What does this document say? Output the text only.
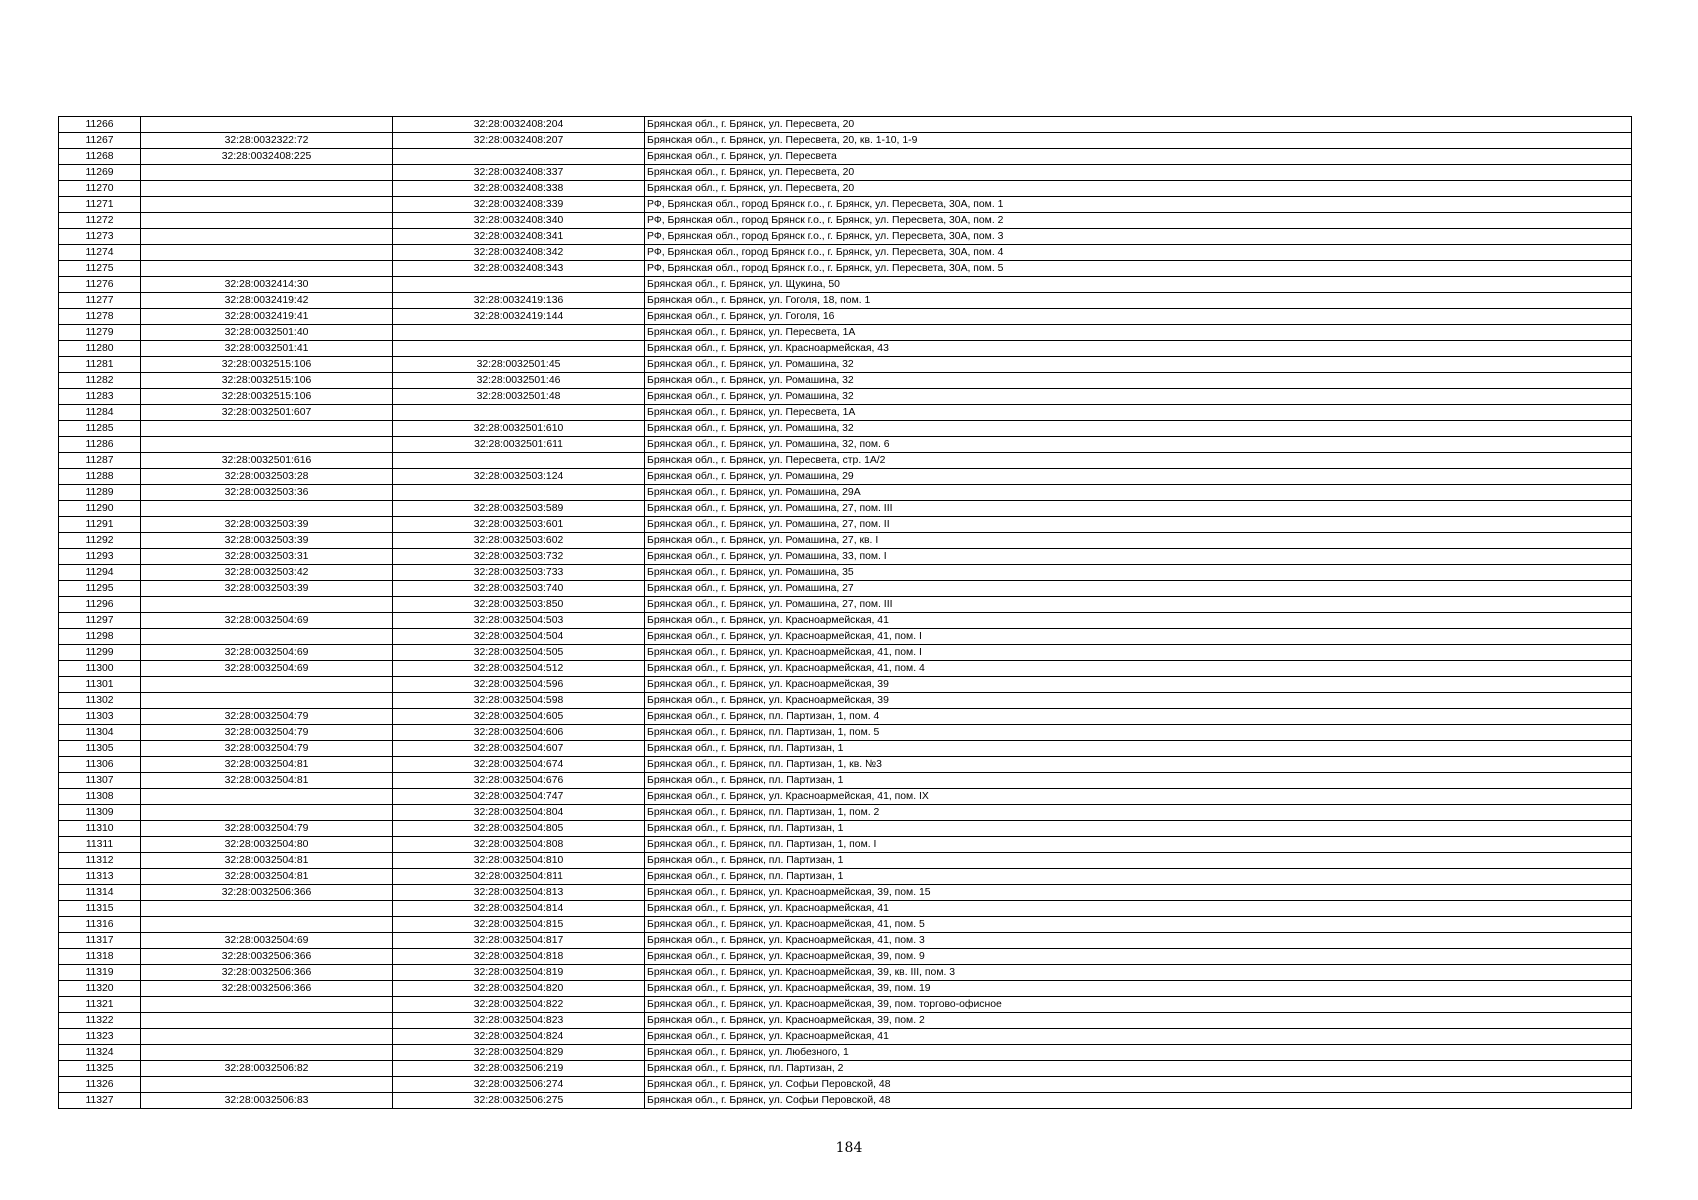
11266		32:28:0032408:204	Брянская обл., г. Брянск, ул. Пересвета, 20
11267	32:28:0032322:72	32:28:0032408:207	Брянская обл., г. Брянск, ул. Пересвета, 20, кв. 1-10, 1-9
11268	32:28:0032408:225		Брянская обл., г. Брянск, ул. Пересвета
11269		32:28:0032408:337	Брянская обл., г. Брянск, ул. Пересвета, 20
11270		32:28:0032408:338	Брянская обл., г. Брянск, ул. Пересвета, 20
11271		32:28:0032408:339	РФ, Брянская обл., город Брянск г.о., г. Брянск, ул. Пересвета, 30А, пом. 1
11272		32:28:0032408:340	РФ, Брянская обл., город Брянск г.о., г. Брянск, ул. Пересвета, 30А, пом. 2
11273		32:28:0032408:341	РФ, Брянская обл., город Брянск г.о., г. Брянск, ул. Пересвета, 30А, пом. 3
11274		32:28:0032408:342	РФ, Брянская обл., город Брянск г.о., г. Брянск, ул. Пересвета, 30А, пом. 4
11275		32:28:0032408:343	РФ, Брянская обл., город Брянск г.о., г. Брянск, ул. Пересвета, 30А, пом. 5
11276	32:28:0032414:30		Брянская обл., г. Брянск, ул. Щукина, 50
11277	32:28:0032419:42	32:28:0032419:136	Брянская обл., г. Брянск, ул. Гоголя, 18, пом. 1
11278	32:28:0032419:41	32:28:0032419:144	Брянская обл., г. Брянск, ул. Гоголя, 16
11279	32:28:0032501:40		Брянская обл., г. Брянск, ул. Пересвета, 1А
11280	32:28:0032501:41		Брянская обл., г. Брянск, ул. Красноармейская, 43
11281	32:28:0032515:106	32:28:0032501:45	Брянская обл., г. Брянск, ул. Ромашина, 32
11282	32:28:0032515:106	32:28:0032501:46	Брянская обл., г. Брянск, ул. Ромашина, 32
11283	32:28:0032515:106	32:28:0032501:48	Брянская обл., г. Брянск, ул. Ромашина, 32
11284	32:28:0032501:607		Брянская обл., г. Брянск, ул. Пересвета, 1А
11285		32:28:0032501:610	Брянская обл., г. Брянск, ул. Ромашина, 32
11286		32:28:0032501:611	Брянская обл., г. Брянск, ул. Ромашина, 32, пом. 6
11287	32:28:0032501:616		Брянская обл., г. Брянск, ул. Пересвета, стр. 1А/2
11288	32:28:0032503:28	32:28:0032503:124	Брянская обл., г. Брянск, ул. Ромашина, 29
11289	32:28:0032503:36		Брянская обл., г. Брянск, ул. Ромашина, 29А
11290		32:28:0032503:589	Брянская обл., г. Брянск, ул. Ромашина, 27, пом. III
11291	32:28:0032503:39	32:28:0032503:601	Брянская обл., г. Брянск, ул. Ромашина, 27, пом. II
11292	32:28:0032503:39	32:28:0032503:602	Брянская обл., г. Брянск, ул. Ромашина, 27, кв. I
11293	32:28:0032503:31	32:28:0032503:732	Брянская обл., г. Брянск, ул. Ромашина, 33, пом. I
11294	32:28:0032503:42	32:28:0032503:733	Брянская обл., г. Брянск, ул. Ромашина, 35
11295	32:28:0032503:39	32:28:0032503:740	Брянская обл., г. Брянск, ул. Ромашина, 27
11296		32:28:0032503:850	Брянская обл., г. Брянск, ул. Ромашина, 27, пом. III
11297	32:28:0032504:69	32:28:0032504:503	Брянская обл., г. Брянск, ул. Красноармейская, 41
11298		32:28:0032504:504	Брянская обл., г. Брянск, ул. Красноармейская, 41, пом. I
11299	32:28:0032504:69	32:28:0032504:505	Брянская обл., г. Брянск, ул. Красноармейская, 41, пом. I
11300	32:28:0032504:69	32:28:0032504:512	Брянская обл., г. Брянск, ул. Красноармейская, 41, пом. 4
11301		32:28:0032504:596	Брянская обл., г. Брянск, ул. Красноармейская, 39
11302		32:28:0032504:598	Брянская обл., г. Брянск, ул. Красноармейская, 39
11303	32:28:0032504:79	32:28:0032504:605	Брянская обл., г. Брянск, пл. Партизан, 1, пом. 4
11304	32:28:0032504:79	32:28:0032504:606	Брянская обл., г. Брянск, пл. Партизан, 1, пом. 5
11305	32:28:0032504:79	32:28:0032504:607	Брянская обл., г. Брянск, пл. Партизан, 1
11306	32:28:0032504:81	32:28:0032504:674	Брянская обл., г. Брянск, пл. Партизан, 1, кв. №3
11307	32:28:0032504:81	32:28:0032504:676	Брянская обл., г. Брянск, пл. Партизан, 1
11308		32:28:0032504:747	Брянская обл., г. Брянск, ул. Красноармейская, 41, пом. IX
11309		32:28:0032504:804	Брянская обл., г. Брянск, пл. Партизан, 1, пом. 2
11310	32:28:0032504:79	32:28:0032504:805	Брянская обл., г. Брянск, пл. Партизан, 1
11311	32:28:0032504:80	32:28:0032504:808	Брянская обл., г. Брянск, пл. Партизан, 1, пом. I
11312	32:28:0032504:81	32:28:0032504:810	Брянская обл., г. Брянск, пл. Партизан, 1
11313	32:28:0032504:81	32:28:0032504:811	Брянская обл., г. Брянск, пл. Партизан, 1
11314	32:28:0032506:366	32:28:0032504:813	Брянская обл., г. Брянск, ул. Красноармейская, 39, пом. 15
11315		32:28:0032504:814	Брянская обл., г. Брянск, ул. Красноармейская, 41
11316		32:28:0032504:815	Брянская обл., г. Брянск, ул. Красноармейская, 41, пом. 5
11317	32:28:0032504:69	32:28:0032504:817	Брянская обл., г. Брянск, ул. Красноармейская, 41, пом. 3
11318	32:28:0032506:366	32:28:0032504:818	Брянская обл., г. Брянск, ул. Красноармейская, 39, пом. 9
11319	32:28:0032506:366	32:28:0032504:819	Брянская обл., г. Брянск, ул. Красноармейская, 39, кв. III, пом. 3
11320	32:28:0032506:366	32:28:0032504:820	Брянская обл., г. Брянск, ул. Красноармейская, 39, пом. 19
11321		32:28:0032504:822	Брянская обл., г. Брянск, ул. Красноармейская, 39, пом. торгово-офисное
11322		32:28:0032504:823	Брянская обл., г. Брянск, ул. Красноармейская, 39, пом. 2
11323		32:28:0032504:824	Брянская обл., г. Брянск, ул. Красноармейская, 41
11324		32:28:0032504:829	Брянская обл., г. Брянск, ул. Любезного, 1
11325	32:28:0032506:82	32:28:0032506:219	Брянская обл., г. Брянск, пл. Партизан, 2
11326		32:28:0032506:274	Брянская обл., г. Брянск, ул. Софьи Перовской, 48
11327	32:28:0032506:83	32:28:0032506:275	Брянская обл., г. Брянск, ул. Софьи Перовской, 48
184
